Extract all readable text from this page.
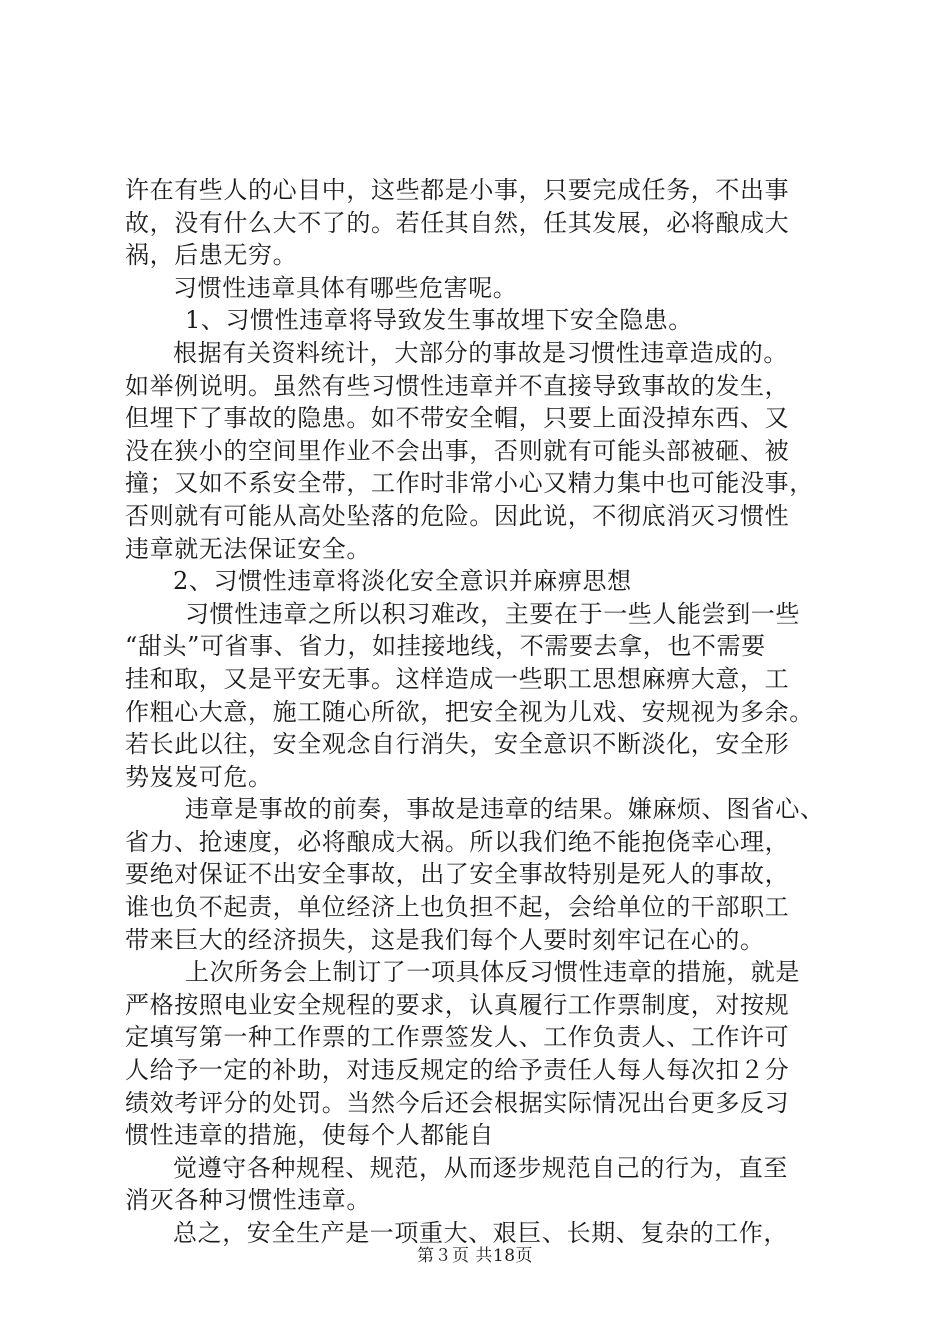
许在有些人的心目中，这些都是小事，只要完成任务，不出事
故，没有什么大不了的。若任其自然，任其发展，必将酿成大
祸，后患无穷。
习惯性违章具体有哪些危害呢。
1、习惯性违章将导致发生事故埋下安全隐患。
根据有关资料统计，大部分的事故是习惯性违章造成的。
如举例说明。虽然有些习惯性违章并不直接导致事故的发生，
但埋下了事故的隐患。如不带安全帽，只要上面没掉东西、又
没在狭小的空间里作业不会出事，否则就有可能头部被砸、被
撞；又如不系安全带，工作时非常小心又精力集中也可能没事，
否则就有可能从高处坠落的危险。因此说，不彻底消灭习惯性
违章就无法保证安全。
2、习惯性违章将淡化安全意识并麻痹思想
习惯性违章之所以积习难改，主要在于一些人能尝到一些
“甜头”可省事、省力，如挂接地线，不需要去拿，也不需要
挂和取，又是平安无事。这样造成一些职工思想麻痹大意，工
作粗心大意，施工随心所欲，把安全视为儿戏、安规视为多余。
若长此以往，安全观念自行消失，安全意识不断淡化，安全形
势岌岌可危。
违章是事故的前奏，事故是违章的结果。嫌麻烦、图省心、
省力、抢速度，必将酿成大祸。所以我们绝不能抱侥幸心理，
要绝对保证不出安全事故，出了安全事故特别是死人的事故，
谁也负不起责，单位经济上也负担不起，会给单位的干部职工
带来巨大的经济损失，这是我们每个人要时刻牢记在心的。
上次所务会上制订了一项具体反习惯性违章的措施，就是
严格按照电业安全规程的要求，认真履行工作票制度，对按规
定填写第一种工作票的工作票签发人、工作负责人、工作许可
人给予一定的补助，对违反规定的给予责任人每人每次扣２分
绩效考评分的处罚。当然今后还会根据实际情况出台更多反习
惯性违章的措施，使每个人都能自
觉遵守各种规程、规范，从而逐步规范自己的行为，直至
消灭各种习惯性违章。
总之，安全生产是一项重大、艰巨、长期、复杂的工作，
第３页 共18页
